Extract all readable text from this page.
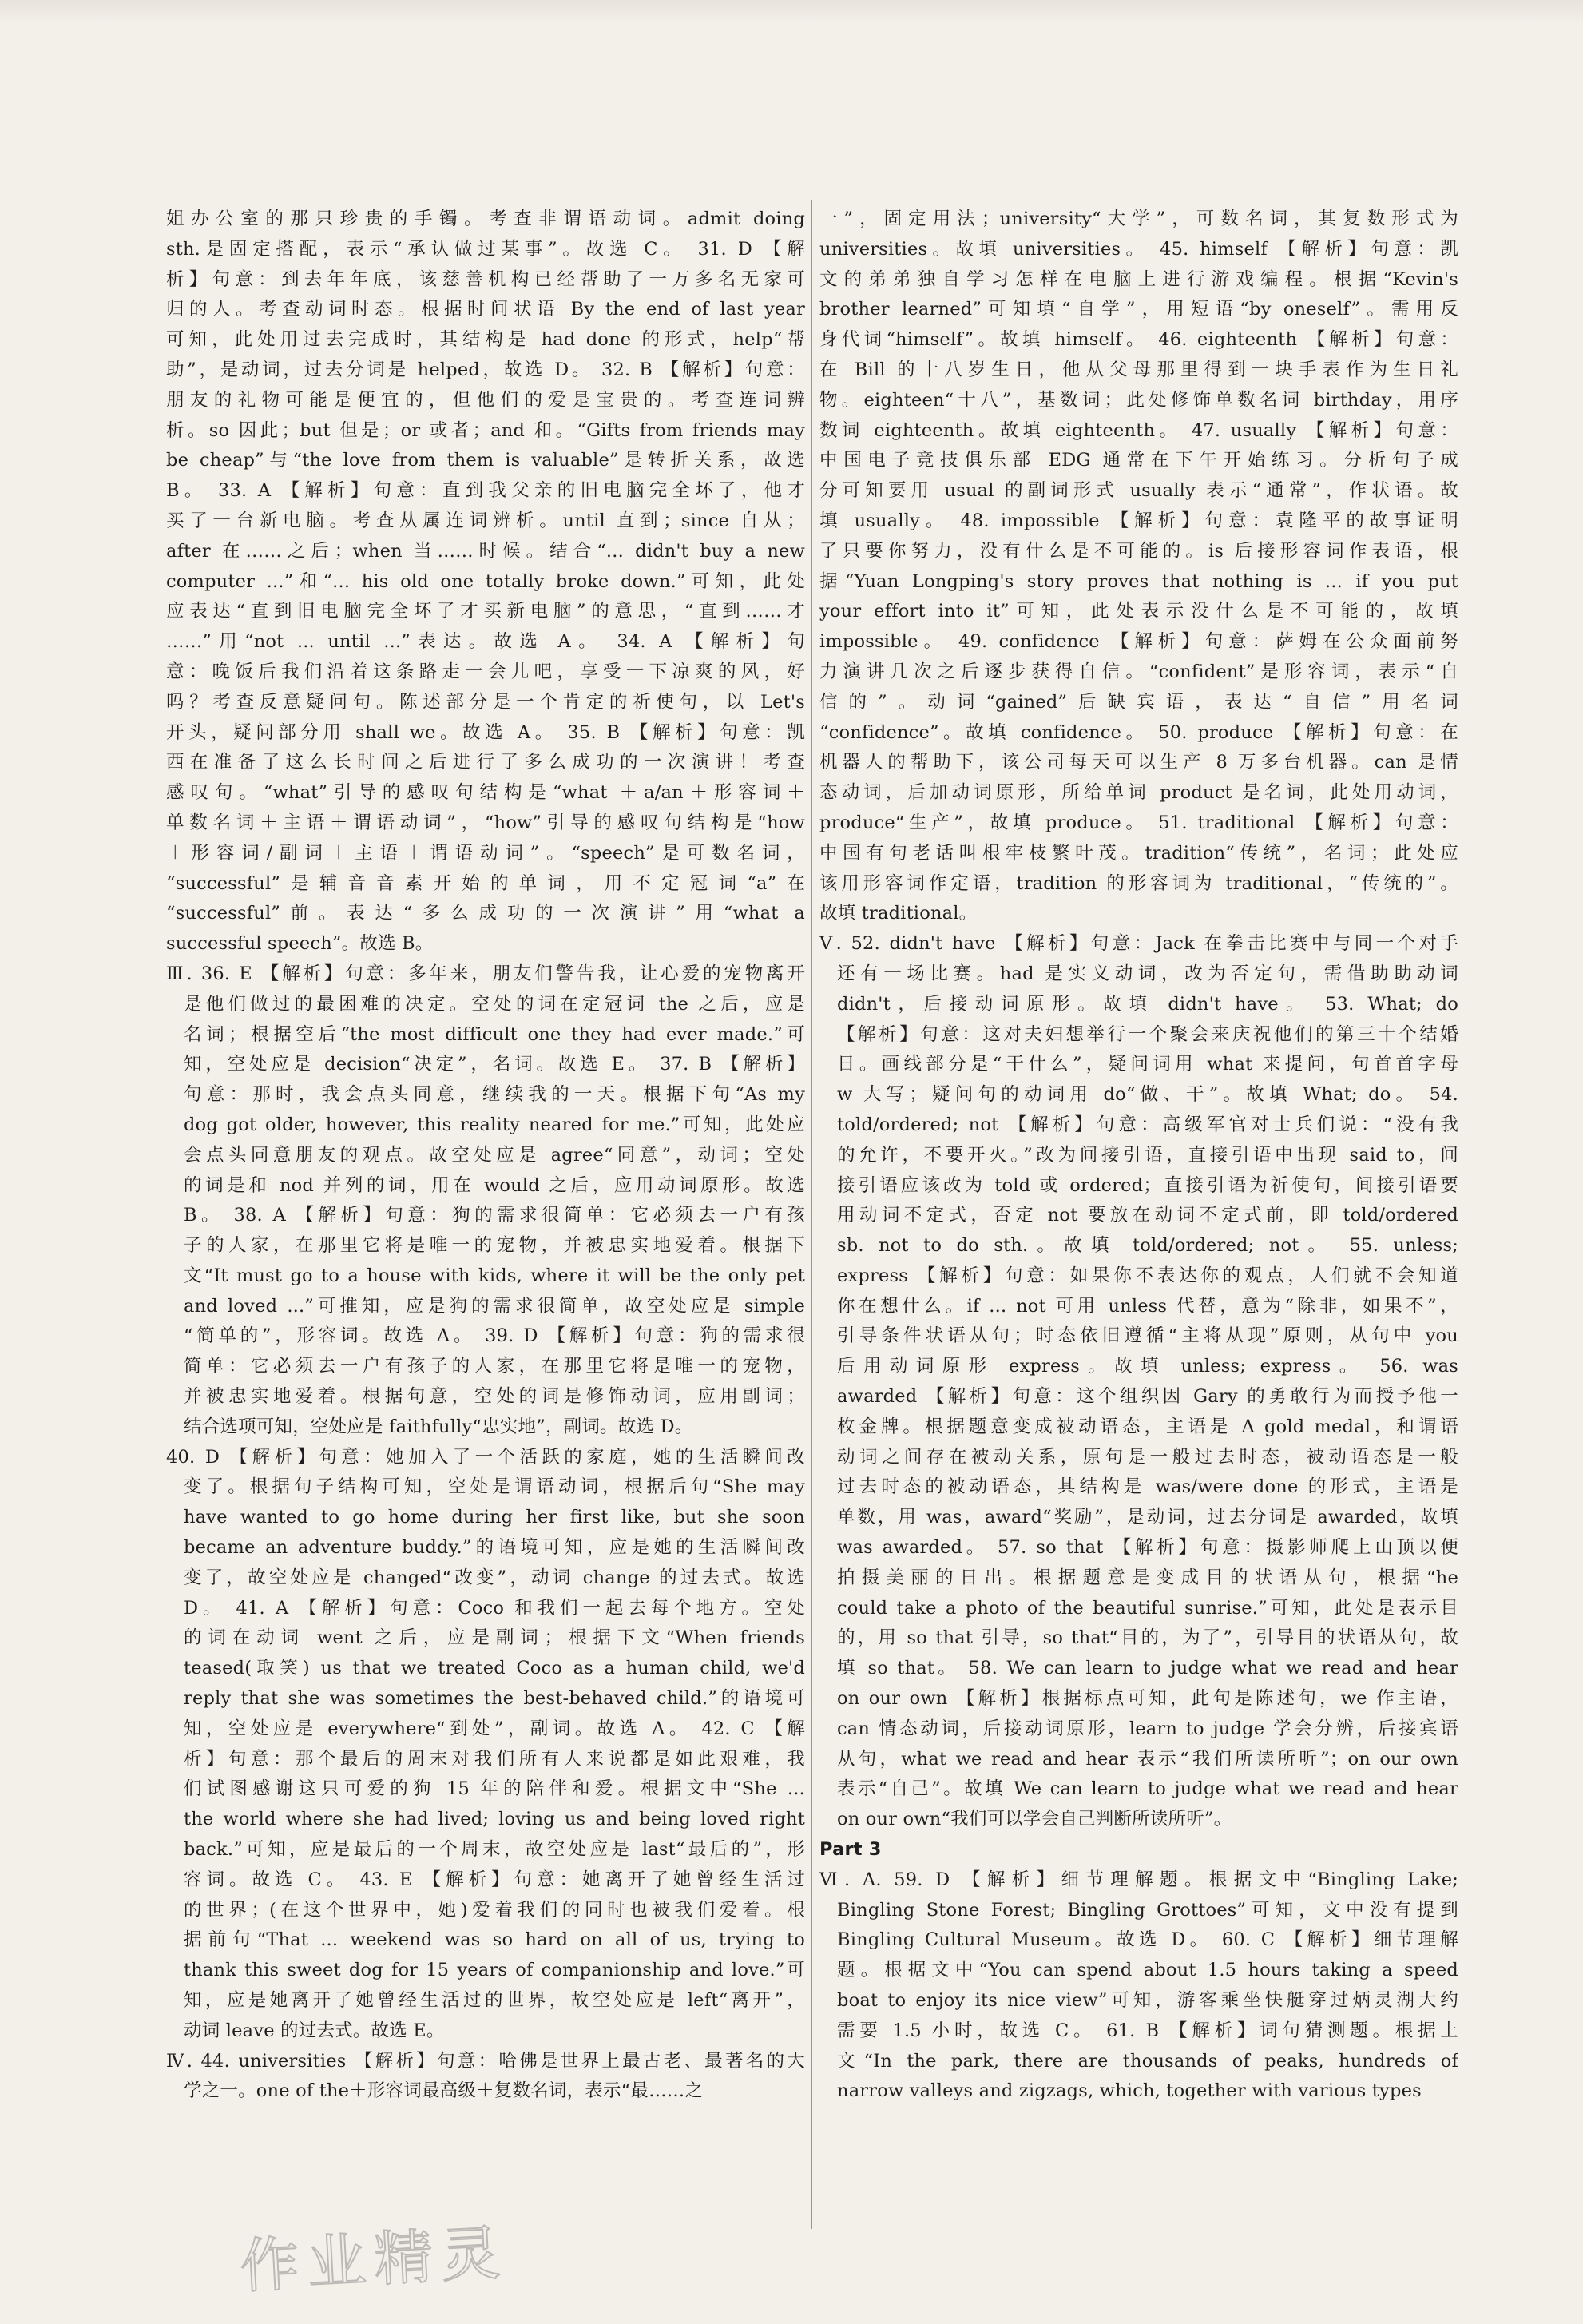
姐办公室的那只珍贵的手镯。考查非谓语动词。admit doing
sth.是固定搭配，表示“承认做过某事”。故选 C。 31. D 【解
析】句意：到去年年底，该慈善机构已经帮助了一万多名无家可
归的人。考查动词时态。根据时间状语 By the end of last year
可知，此处用过去完成时，其结构是 had done 的形式，help“帮
助”，是动词，过去分词是 helped，故选 D。 32. B 【解析】句意：
朋友的礼物可能是便宜的，但他们的爱是宝贵的。考查连词辨
析。so 因此；but 但是；or 或者；and 和。“Gifts from friends may
be cheap”与“the love from them is valuable”是转折关系，故选
B。 33. A 【解析】句意：直到我父亲的旧电脑完全坏了，他才
买了一台新电脑。考查从属连词辨析。until 直到；since 自从；
after 在……之后；when 当……时候。结合“... didn't buy a new
computer ...”和“... his old one totally broke down.”可知，此处
应表达“直到旧电脑完全坏了才买新电脑”的意思，“直到……才
……”用“not ... until ...”表达。故选 A。 34. A 【解析】句
意：晚饭后我们沿着这条路走一会儿吧，享受一下凉爽的风，好
吗？考查反意疑问句。陈述部分是一个肯定的祈使句，以 Let's
开头，疑问部分用 shall we。故选 A。 35. B 【解析】句意：凯
西在准备了这么长时间之后进行了多么成功的一次演讲！考查
感叹句。“what”引导的感叹句结构是“what ＋a/an＋形容词＋
单数名词＋主语＋谓语动词”，“how”引导的感叹句结构是“how
＋形容词/副词＋主语＋谓语动词”。“speech”是可数名词，
“successful”是辅音音素开始的单词，用不定冠词“a”在
“successful”前。表达“多么成功的一次演讲”用“what a
successful speech”。故选 B。
Ⅲ. 36. E 【解析】句意：多年来，朋友们警告我，让心爱的宠物离开
是他们做过的最困难的决定。空处的词在定冠词 the 之后，应是
名词；根据空后“the most difficult one they had ever made.”可
知，空处应是 decision“决定”，名词。故选 E。 37. B 【解析】
句意：那时，我会点头同意，继续我的一天。根据下句“As my
dog got older, however, this reality neared for me.”可知，此处应
会点头同意朋友的观点。故空处应是 agree“同意”，动词；空处
的词是和 nod 并列的词，用在 would 之后，应用动词原形。故选
B。 38. A 【解析】句意：狗的需求很简单：它必须去一户有孩
子的人家，在那里它将是唯一的宠物，并被忠实地爱着。根据下
文“It must go to a house with kids, where it will be the only pet
and loved ...”可推知，应是狗的需求很简单，故空处应是 simple
“简单的”，形容词。故选 A。 39. D 【解析】句意：狗的需求很
简单：它必须去一户有孩子的人家，在那里它将是唯一的宠物，
并被忠实地爱着。根据句意，空处的词是修饰动词，应用副词；
结合选项可知，空处应是 faithfully“忠实地”，副词。故选 D。
40. D 【解析】句意：她加入了一个活跃的家庭，她的生活瞬间改
变了。根据句子结构可知，空处是谓语动词，根据后句“She may
have wanted to go home during her first like, but she soon
became an adventure buddy.”的语境可知，应是她的生活瞬间改
变了，故空处应是 changed“改变”，动词 change 的过去式。故选
D。 41. A 【解析】句意：Coco 和我们一起去每个地方。空处
的词在动词 went 之后，应是副词；根据下文“When friends
teased(取笑) us that we treated Coco as a human child, we'd
reply that she was sometimes the best-behaved child.”的语境可
知，空处应是 everywhere“到处”，副词。故选 A。 42. C 【解
析】句意：那个最后的周末对我们所有人来说都是如此艰难，我
们试图感谢这只可爱的狗 15 年的陪伴和爱。根据文中“She ...
the world where she had lived; loving us and being loved right
back.”可知，应是最后的一个周末，故空处应是 last“最后的”，形
容词。故选 C。 43. E 【解析】句意：她离开了她曾经生活过
的世界；(在这个世界中，她)爱着我们的同时也被我们爱着。根
据前句“That ... weekend was so hard on all of us, trying to
thank this sweet dog for 15 years of companionship and love.”可
知，应是她离开了她曾经生活过的世界，故空处应是 left“离开”，
动词 leave 的过去式。故选 E。
Ⅳ. 44. universities 【解析】句意：哈佛是世界上最古老、最著名的大
学之一。one of the＋形容词最高级＋复数名词，表示“最……之
一”，固定用法；university“大学”，可数名词，其复数形式为
universities。故填 universities。 45. himself 【解析】句意：凯
文的弟弟独自学习怎样在电脑上进行游戏编程。根据“Kevin's
brother learned”可知填“自学”，用短语“by oneself”。需用反
身代词“himself”。故填 himself。 46. eighteenth 【解析】句意：
在 Bill 的十八岁生日，他从父母那里得到一块手表作为生日礼
物。eighteen“十八”，基数词；此处修饰单数名词 birthday，用序
数词 eighteenth。故填 eighteenth。 47. usually 【解析】句意：
中国电子竞技俱乐部 EDG 通常在下午开始练习。分析句子成
分可知要用 usual 的副词形式 usually 表示“通常”，作状语。故
填 usually。 48. impossible 【解析】句意：袁隆平的故事证明
了只要你努力，没有什么是不可能的。is 后接形容词作表语，根
据“Yuan Longping's story proves that nothing is ... if you put
your effort into it”可知，此处表示没什么是不可能的，故填
impossible。 49. confidence 【解析】句意：萨姆在公众面前努
力演讲几次之后逐步获得自信。“confident”是形容词，表示“自
信的”。动词“gained”后缺宾语，表达“自信”用名词
“confidence”。故填 confidence。 50. produce 【解析】句意：在
机器人的帮助下，该公司每天可以生产 8 万多台机器。can 是情
态动词，后加动词原形，所给单词 product 是名词，此处用动词，
produce“生产”，故填 produce。 51. traditional 【解析】句意：
中国有句老话叫根牢枝繁叶茂。tradition“传统”，名词；此处应
该用形容词作定语，tradition 的形容词为 traditional，“传统的”。
故填 traditional。
Ⅴ. 52. didn't have 【解析】句意：Jack 在拳击比赛中与同一个对手
还有一场比赛。had 是实义动词，改为否定句，需借助助动词
didn't，后接动词原形。故填 didn't have。 53. What; do
【解析】句意：这对夫妇想举行一个聚会来庆祝他们的第三十个结婚
日。画线部分是“干什么”，疑问词用 what 来提问，句首首字母
w 大写；疑问句的动词用 do“做、干”。故填 What; do。 54.
told/ordered; not 【解析】句意：高级军官对士兵们说：“没有我
的允许，不要开火。”改为间接引语，直接引语中出现 said to，间
接引语应该改为 told 或 ordered；直接引语为祈使句，间接引语要
用动词不定式，否定 not 要放在动词不定式前，即 told/ordered
sb. not to do sth.。故填 told/ordered; not。 55. unless;
express 【解析】句意：如果你不表达你的观点，人们就不会知道
你在想什么。if ... not 可用 unless 代替，意为“除非，如果不”，
引导条件状语从句；时态依旧遵循“主将从现”原则，从句中 you
后用动词原形 express。故填 unless; express。 56. was
awarded 【解析】句意：这个组织因 Gary 的勇敢行为而授予他一
枚金牌。根据题意变成被动语态，主语是 A gold medal，和谓语
动词之间存在被动关系，原句是一般过去时态，被动语态是一般
过去时态的被动语态，其结构是 was/were done 的形式，主语是
单数，用 was，award“奖励”，是动词，过去分词是 awarded，故填
was awarded。 57. so that 【解析】句意：摄影师爬上山顶以便
拍摄美丽的日出。根据题意是变成目的状语从句，根据“he
could take a photo of the beautiful sunrise.”可知，此处是表示目
的，用 so that 引导，so that“目的，为了”，引导目的状语从句，故
填 so that。 58. We can learn to judge what we read and hear
on our own 【解析】根据标点可知，此句是陈述句，we 作主语，
can 情态动词，后接动词原形，learn to judge 学会分辨，后接宾语
从句，what we read and hear 表示“我们所读所听”；on our own
表示“自己”。故填 We can learn to judge what we read and hear
on our own“我们可以学会自己判断所读所听”。
Part 3
Ⅵ. A. 59. D 【解析】细节理解题。根据文中“Bingling Lake;
Bingling Stone Forest; Bingling Grottoes”可知，文中没有提到
Bingling Cultural Museum。故选 D。 60. C 【解析】细节理解
题。根据文中“You can spend about 1.5 hours taking a speed
boat to enjoy its nice view”可知，游客乘坐快艇穿过炳灵湖大约
需要 1.5 小时，故选 C。 61. B 【解析】词句猜测题。根据上
文“In the park, there are thousands of peaks, hundreds of
narrow valleys and zigzags, which, together with various types
作业精灵
